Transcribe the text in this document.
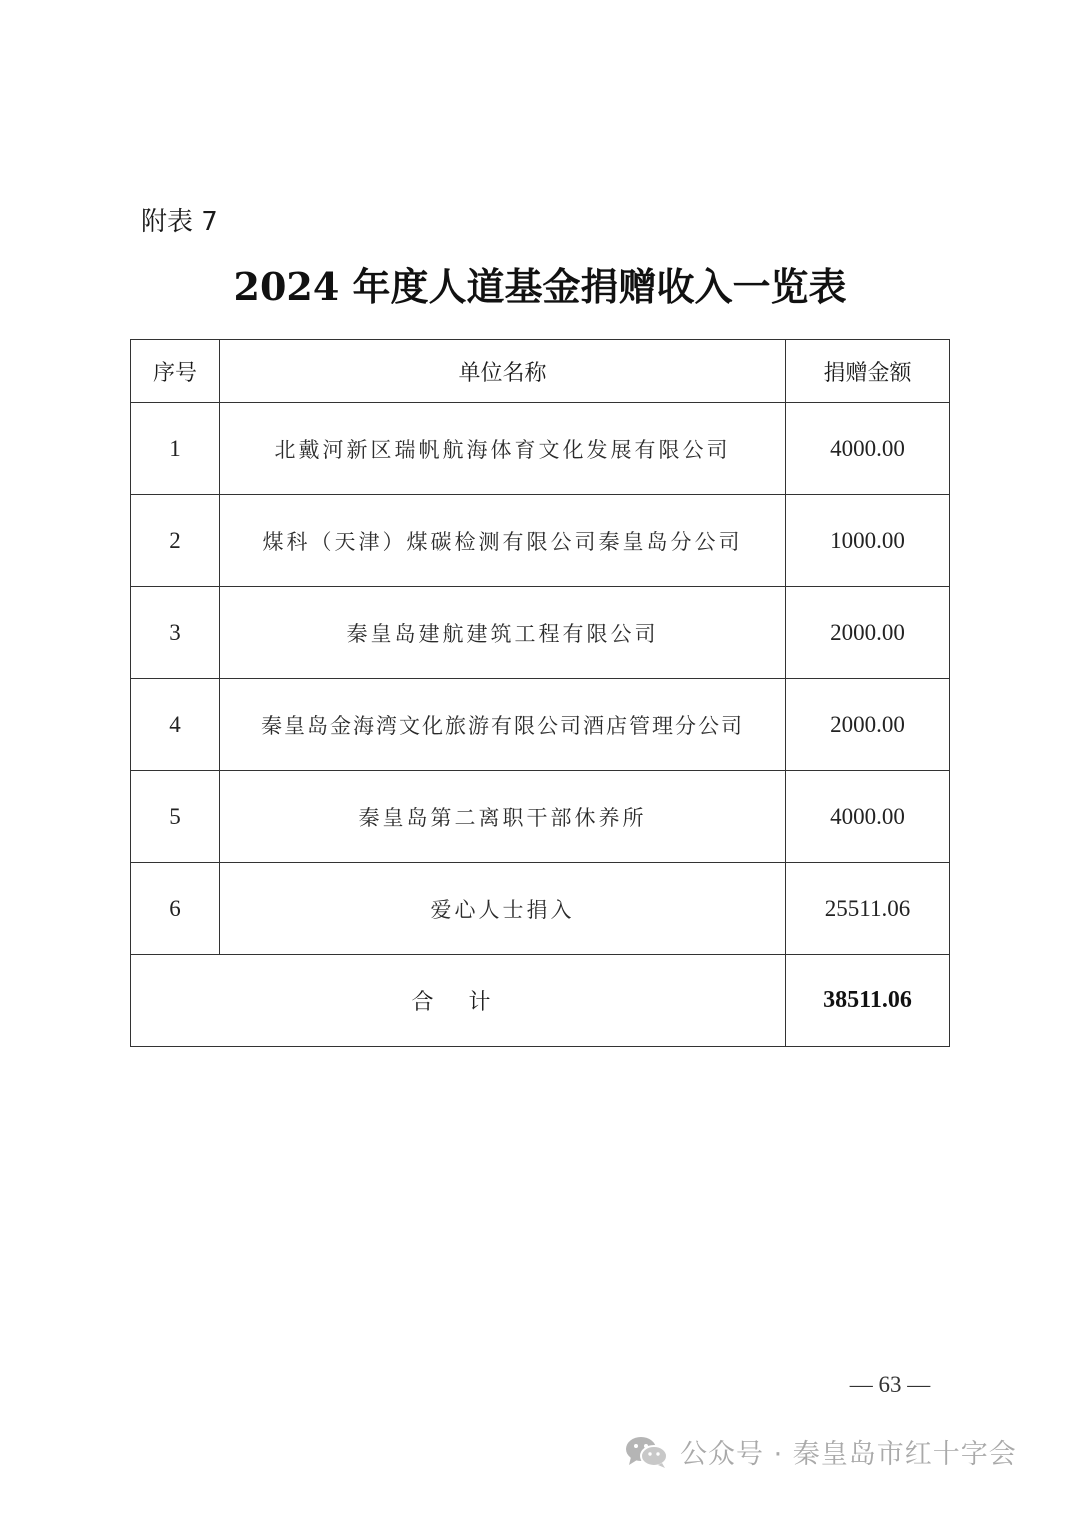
附表 7
2024 年度人道基金捐赠收入一览表
序号	单位名称	捐赠金额
1	北戴河新区瑞帆航海体育文化发展有限公司	4000.00
2	煤科（天津）煤碳检测有限公司秦皇岛分公司	1000.00
3	秦皇岛建航建筑工程有限公司	2000.00
4	秦皇岛金海湾文化旅游有限公司酒店管理分公司	2000.00
5	秦皇岛第二离职干部休养所	4000.00
6	爱心人士捐入	25511.06
合 计		38511.06
— 63 —
公众号 · 秦皇岛市红十字会
